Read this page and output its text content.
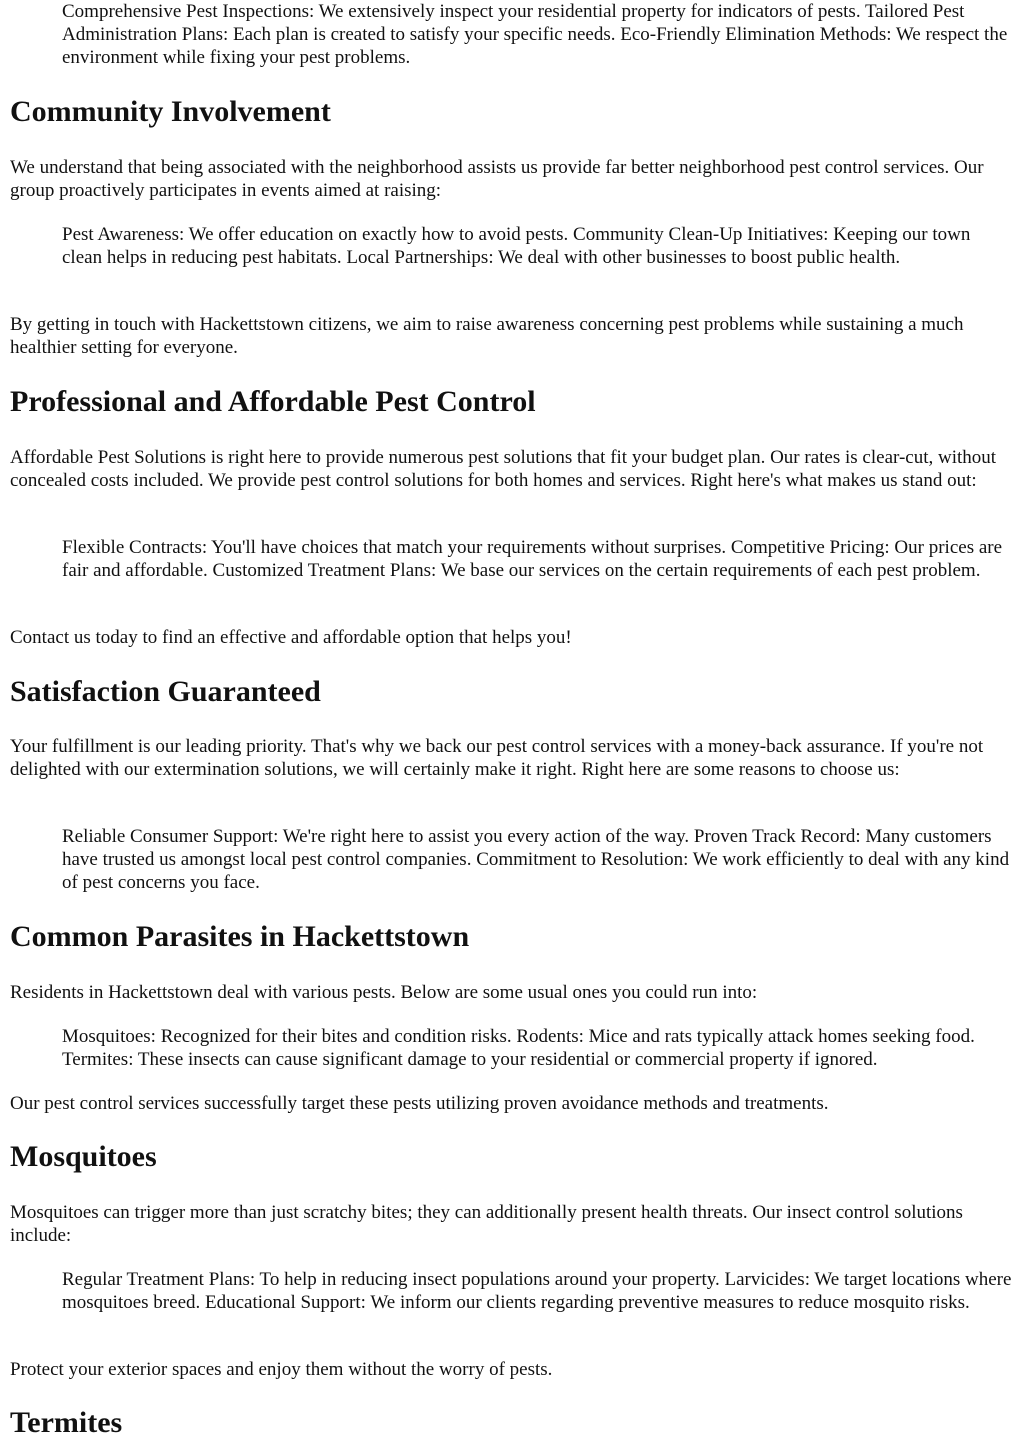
Comprehensive Pest Inspections: We extensively inspect your residential property for indicators of pests. Tailored Pest Administration Plans: Each plan is created to satisfy your specific needs. Eco-Friendly Elimination Methods: We respect the environment while fixing your pest problems.

Community Involvement

We understand that being associated with the neighborhood assists us provide far better neighborhood pest control services. Our group proactively participates in events aimed at raising:

Pest Awareness: We offer education on exactly how to avoid pests. Community Clean-Up Initiatives: Keeping our town clean helps in reducing pest habitats. Local Partnerships: We deal with other businesses to boost public health.

By getting in touch with Hackettstown citizens, we aim to raise awareness concerning pest problems while sustaining a much healthier setting for everyone.

Professional and Affordable Pest Control

Affordable Pest Solutions is right here to provide numerous pest solutions that fit your budget plan. Our rates is clear-cut, without concealed costs included. We provide pest control solutions for both homes and services. Right here's what makes us stand out:

Flexible Contracts: You'll have choices that match your requirements without surprises. Competitive Pricing: Our prices are fair and affordable. Customized Treatment Plans: We base our services on the certain requirements of each pest problem.

Contact us today to find an effective and affordable option that helps you!

Satisfaction Guaranteed

Your fulfillment is our leading priority. That's why we back our pest control services with a money-back assurance. If you're not delighted with our extermination solutions, we will certainly make it right. Right here are some reasons to choose us:

Reliable Consumer Support: We're right here to assist you every action of the way. Proven Track Record: Many customers have trusted us amongst local pest control companies. Commitment to Resolution: We work efficiently to deal with any kind of pest concerns you face.

Common Parasites in Hackettstown

Residents in Hackettstown deal with various pests. Below are some usual ones you could run into:

Mosquitoes: Recognized for their bites and condition risks. Rodents: Mice and rats typically attack homes seeking food. Termites: These insects can cause significant damage to your residential or commercial property if ignored.

Our pest control services successfully target these pests utilizing proven avoidance methods and treatments.

Mosquitoes

Mosquitoes can trigger more than just scratchy bites; they can additionally present health threats. Our insect control solutions include:

Regular Treatment Plans: To help in reducing insect populations around your property. Larvicides: We target locations where mosquitoes breed. Educational Support: We inform our clients regarding preventive measures to reduce mosquito risks.

Protect your exterior spaces and enjoy them without the worry of pests.

Termites
